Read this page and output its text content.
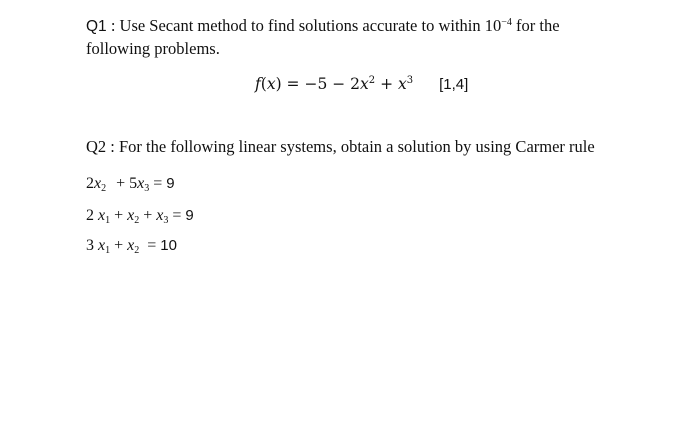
Q1 : Use Secant method to find solutions accurate to within $10^{-4}$ for the
following problems.
$f(x) = -5 - 2x^2 + x^3$ [1,4]
Q2 : For the following linear systems, obtain a solution by using Carmer rule
$2x_2 + 5x_3 = 9$
2 $x_1 + x_2 + x_3 = 9$
3 $x_1 + x_2 = 10$
